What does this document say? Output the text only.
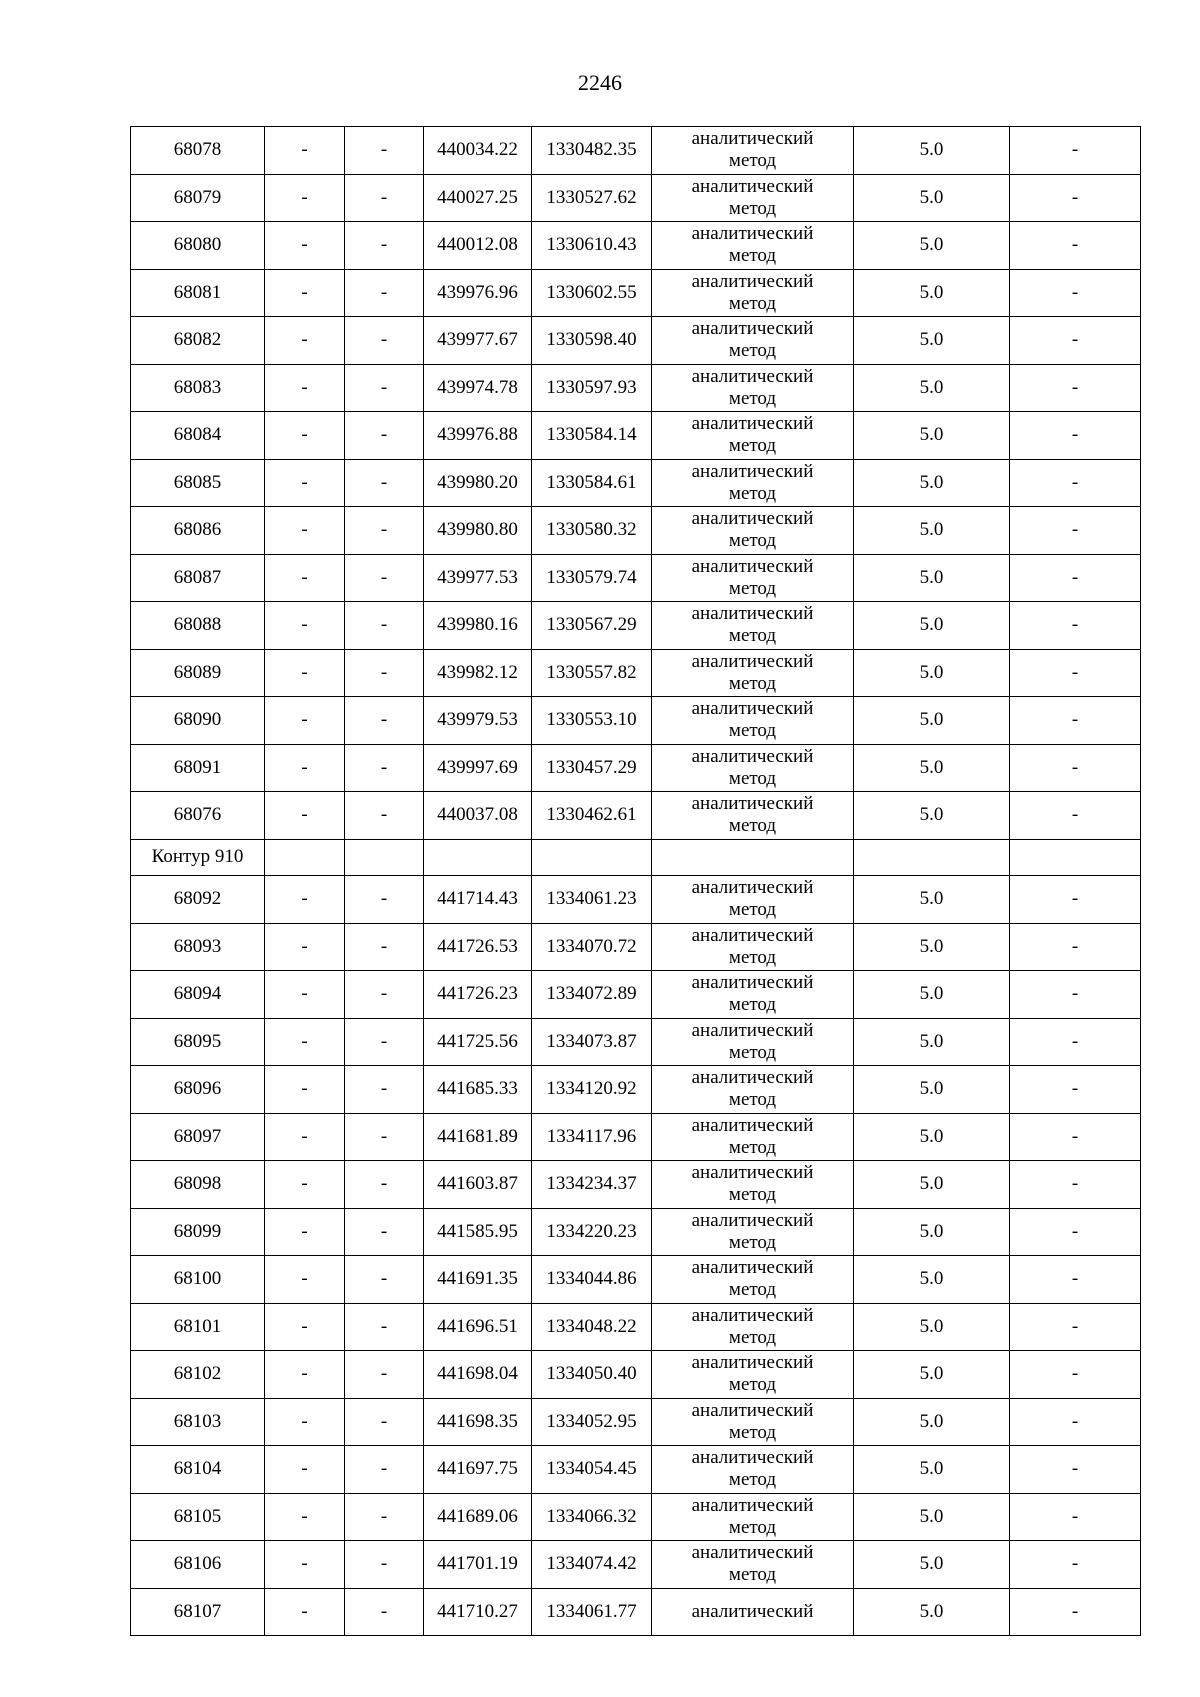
2246
68078	-	-	440034.22	1330482.35	аналитический
метод	5.0	-
68079	-	-	440027.25	1330527.62	аналитический
метод	5.0	-
68080	-	-	440012.08	1330610.43	аналитический
метод	5.0	-
68081	-	-	439976.96	1330602.55	аналитический
метод	5.0	-
68082	-	-	439977.67	1330598.40	аналитический
метод	5.0	-
68083	-	-	439974.78	1330597.93	аналитический
метод	5.0	-
68084	-	-	439976.88	1330584.14	аналитический
метод	5.0	-
68085	-	-	439980.20	1330584.61	аналитический
метод	5.0	-
68086	-	-	439980.80	1330580.32	аналитический
метод	5.0	-
68087	-	-	439977.53	1330579.74	аналитический
метод	5.0	-
68088	-	-	439980.16	1330567.29	аналитический
метод	5.0	-
68089	-	-	439982.12	1330557.82	аналитический
метод	5.0	-
68090	-	-	439979.53	1330553.10	аналитический
метод	5.0	-
68091	-	-	439997.69	1330457.29	аналитический
метод	5.0	-
68076	-	-	440037.08	1330462.61	аналитический
метод	5.0	-
Контур 910							
68092	-	-	441714.43	1334061.23	аналитический
метод	5.0	-
68093	-	-	441726.53	1334070.72	аналитический
метод	5.0	-
68094	-	-	441726.23	1334072.89	аналитический
метод	5.0	-
68095	-	-	441725.56	1334073.87	аналитический
метод	5.0	-
68096	-	-	441685.33	1334120.92	аналитический
метод	5.0	-
68097	-	-	441681.89	1334117.96	аналитический
метод	5.0	-
68098	-	-	441603.87	1334234.37	аналитический
метод	5.0	-
68099	-	-	441585.95	1334220.23	аналитический
метод	5.0	-
68100	-	-	441691.35	1334044.86	аналитический
метод	5.0	-
68101	-	-	441696.51	1334048.22	аналитический
метод	5.0	-
68102	-	-	441698.04	1334050.40	аналитический
метод	5.0	-
68103	-	-	441698.35	1334052.95	аналитический
метод	5.0	-
68104	-	-	441697.75	1334054.45	аналитический
метод	5.0	-
68105	-	-	441689.06	1334066.32	аналитический
метод	5.0	-
68106	-	-	441701.19	1334074.42	аналитический
метод	5.0	-
68107	-	-	441710.27	1334061.77	аналитический	5.0	-
